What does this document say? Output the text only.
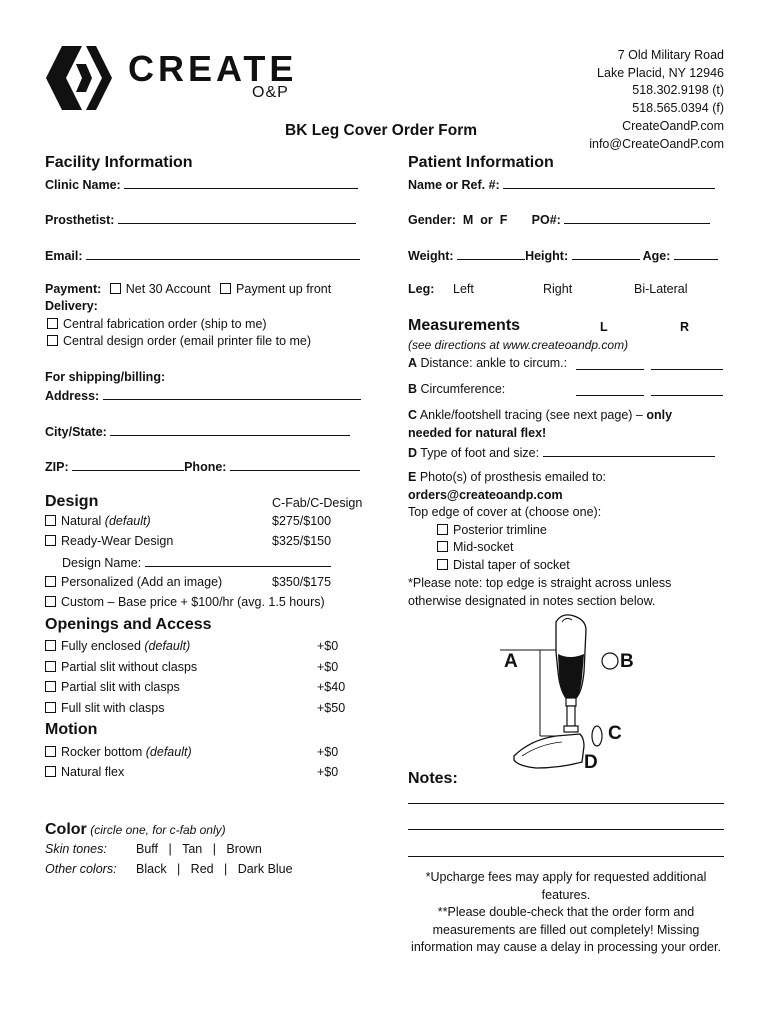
CREATE
O&P
7 Old Military Road
Lake Placid, NY 12946
518.302.9198 (t)
518.565.0394 (f)
CreateOandP.com
info@CreateOandP.com
BK Leg Cover Order Form
Facility Information
Clinic Name:
Prosthetist:
Email:
Payment: Net 30 Account Payment up front
Delivery:
Central fabrication order (ship to me)
Central design order (email printer file to me)
For shipping/billing:
Address:
City/State:
ZIP:	Phone:
Design	C-Fab/C-Design
Natural (default)	$275/$100
Ready-Wear Design	$325/$150
Design Name:
Personalized (Add an image)	$350/$175
Custom – Base price + $100/hr (avg. 1.5 hours)
Openings and Access
Fully enclosed (default)	+$0
Partial slit without clasps	+$0
Partial slit with clasps	+$40
Full slit with clasps	+$50
Motion
Rocker bottom (default)	+$0
Natural flex	+$0
Color (circle one, for c-fab only)
Skin tones: Buff | Tan | Brown
Other colors: Black | Red | Dark Blue
Patient Information
Name or Ref. #:
Gender: M or F PO#:
Weight:	Height:	Age:
Leg: Left	Right	Bi-Lateral
Measurements	L	R
(see directions at www.createoandp.com)
A Distance: ankle to circum.:
B Circumference:
C Ankle/footshell tracing (see next page) – only
needed for natural flex!
D Type of foot and size:
E Photo(s) of prosthesis emailed to:
orders@createoandp.com
Top edge of cover at (choose one):
Posterior trimline
Mid-socket
Distal taper of socket
*Please note: top edge is straight across unless
otherwise designated in notes section below.
A	B
C
D
Notes:
*Upcharge fees may apply for requested additional features.
**Please double-check that the order form and measurements are filled out completely! Missing information may cause a delay in processing your order.
